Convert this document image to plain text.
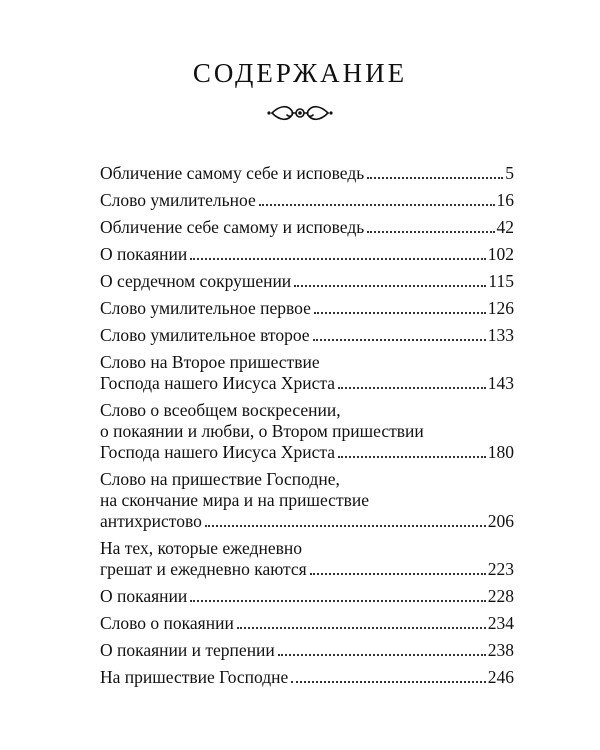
СОДЕРЖАНИЕ
Обличение самому себе и исповедь	5
Слово умилительное	16
Обличение себе самому и исповедь	42
О покаянии	102
О сердечном сокрушении	115
Слово умилительное первое	126
Слово умилительное второе	133
Слово на Второе пришествие
Господа нашего Иисуса Христа	143
Слово о всеобщем воскресении,
о покаянии и любви, о Втором пришествии
Господа нашего Иисуса Христа	180
Слово на пришествие Господне,
на скончание мира и на пришествие
антихристово	206
На тех, которые ежедневно
грешат и ежедневно каются	223
О покаянии	228
Слово о покаянии	234
О покаянии и терпении	238
На пришествие Господне	246
